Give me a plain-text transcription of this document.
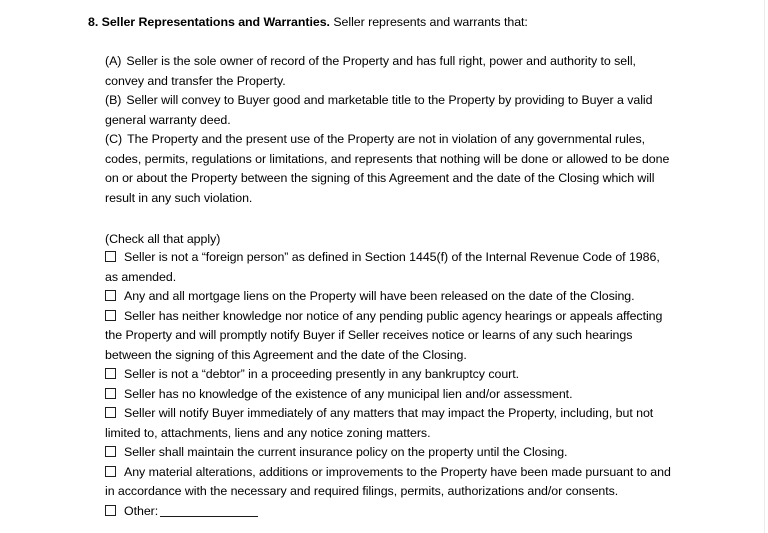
8. Seller Representations and Warranties. Seller represents and warrants that:

(A) Seller is the sole owner of record of the Property and has full right, power and authority to sell, convey and transfer the Property.

(B) Seller will convey to Buyer good and marketable title to the Property by providing to Buyer a valid general warranty deed.

(C) The Property and the present use of the Property are not in violation of any governmental rules, codes, permits, regulations or limitations, and represents that nothing will be done or allowed to be done on or about the Property between the signing of this Agreement and the date of the Closing which will result in any such violation.

(Check all that apply)

Seller is not a “foreign person” as defined in Section 1445(f) of the Internal Revenue Code of 1986, as amended.

Any and all mortgage liens on the Property will have been released on the date of the Closing.

Seller has neither knowledge nor notice of any pending public agency hearings or appeals affecting the Property and will promptly notify Buyer if Seller receives notice or learns of any such hearings between the signing of this Agreement and the date of the Closing.

Seller is not a “debtor” in a proceeding presently in any bankruptcy court.

Seller has no knowledge of the existence of any municipal lien and/or assessment.

Seller will notify Buyer immediately of any matters that may impact the Property, including, but not limited to, attachments, liens and any notice zoning matters.

Seller shall maintain the current insurance policy on the property until the Closing.

Any material alterations, additions or improvements to the Property have been made pursuant to and in accordance with the necessary and required filings, permits, authorizations and/or consents.

Other:
